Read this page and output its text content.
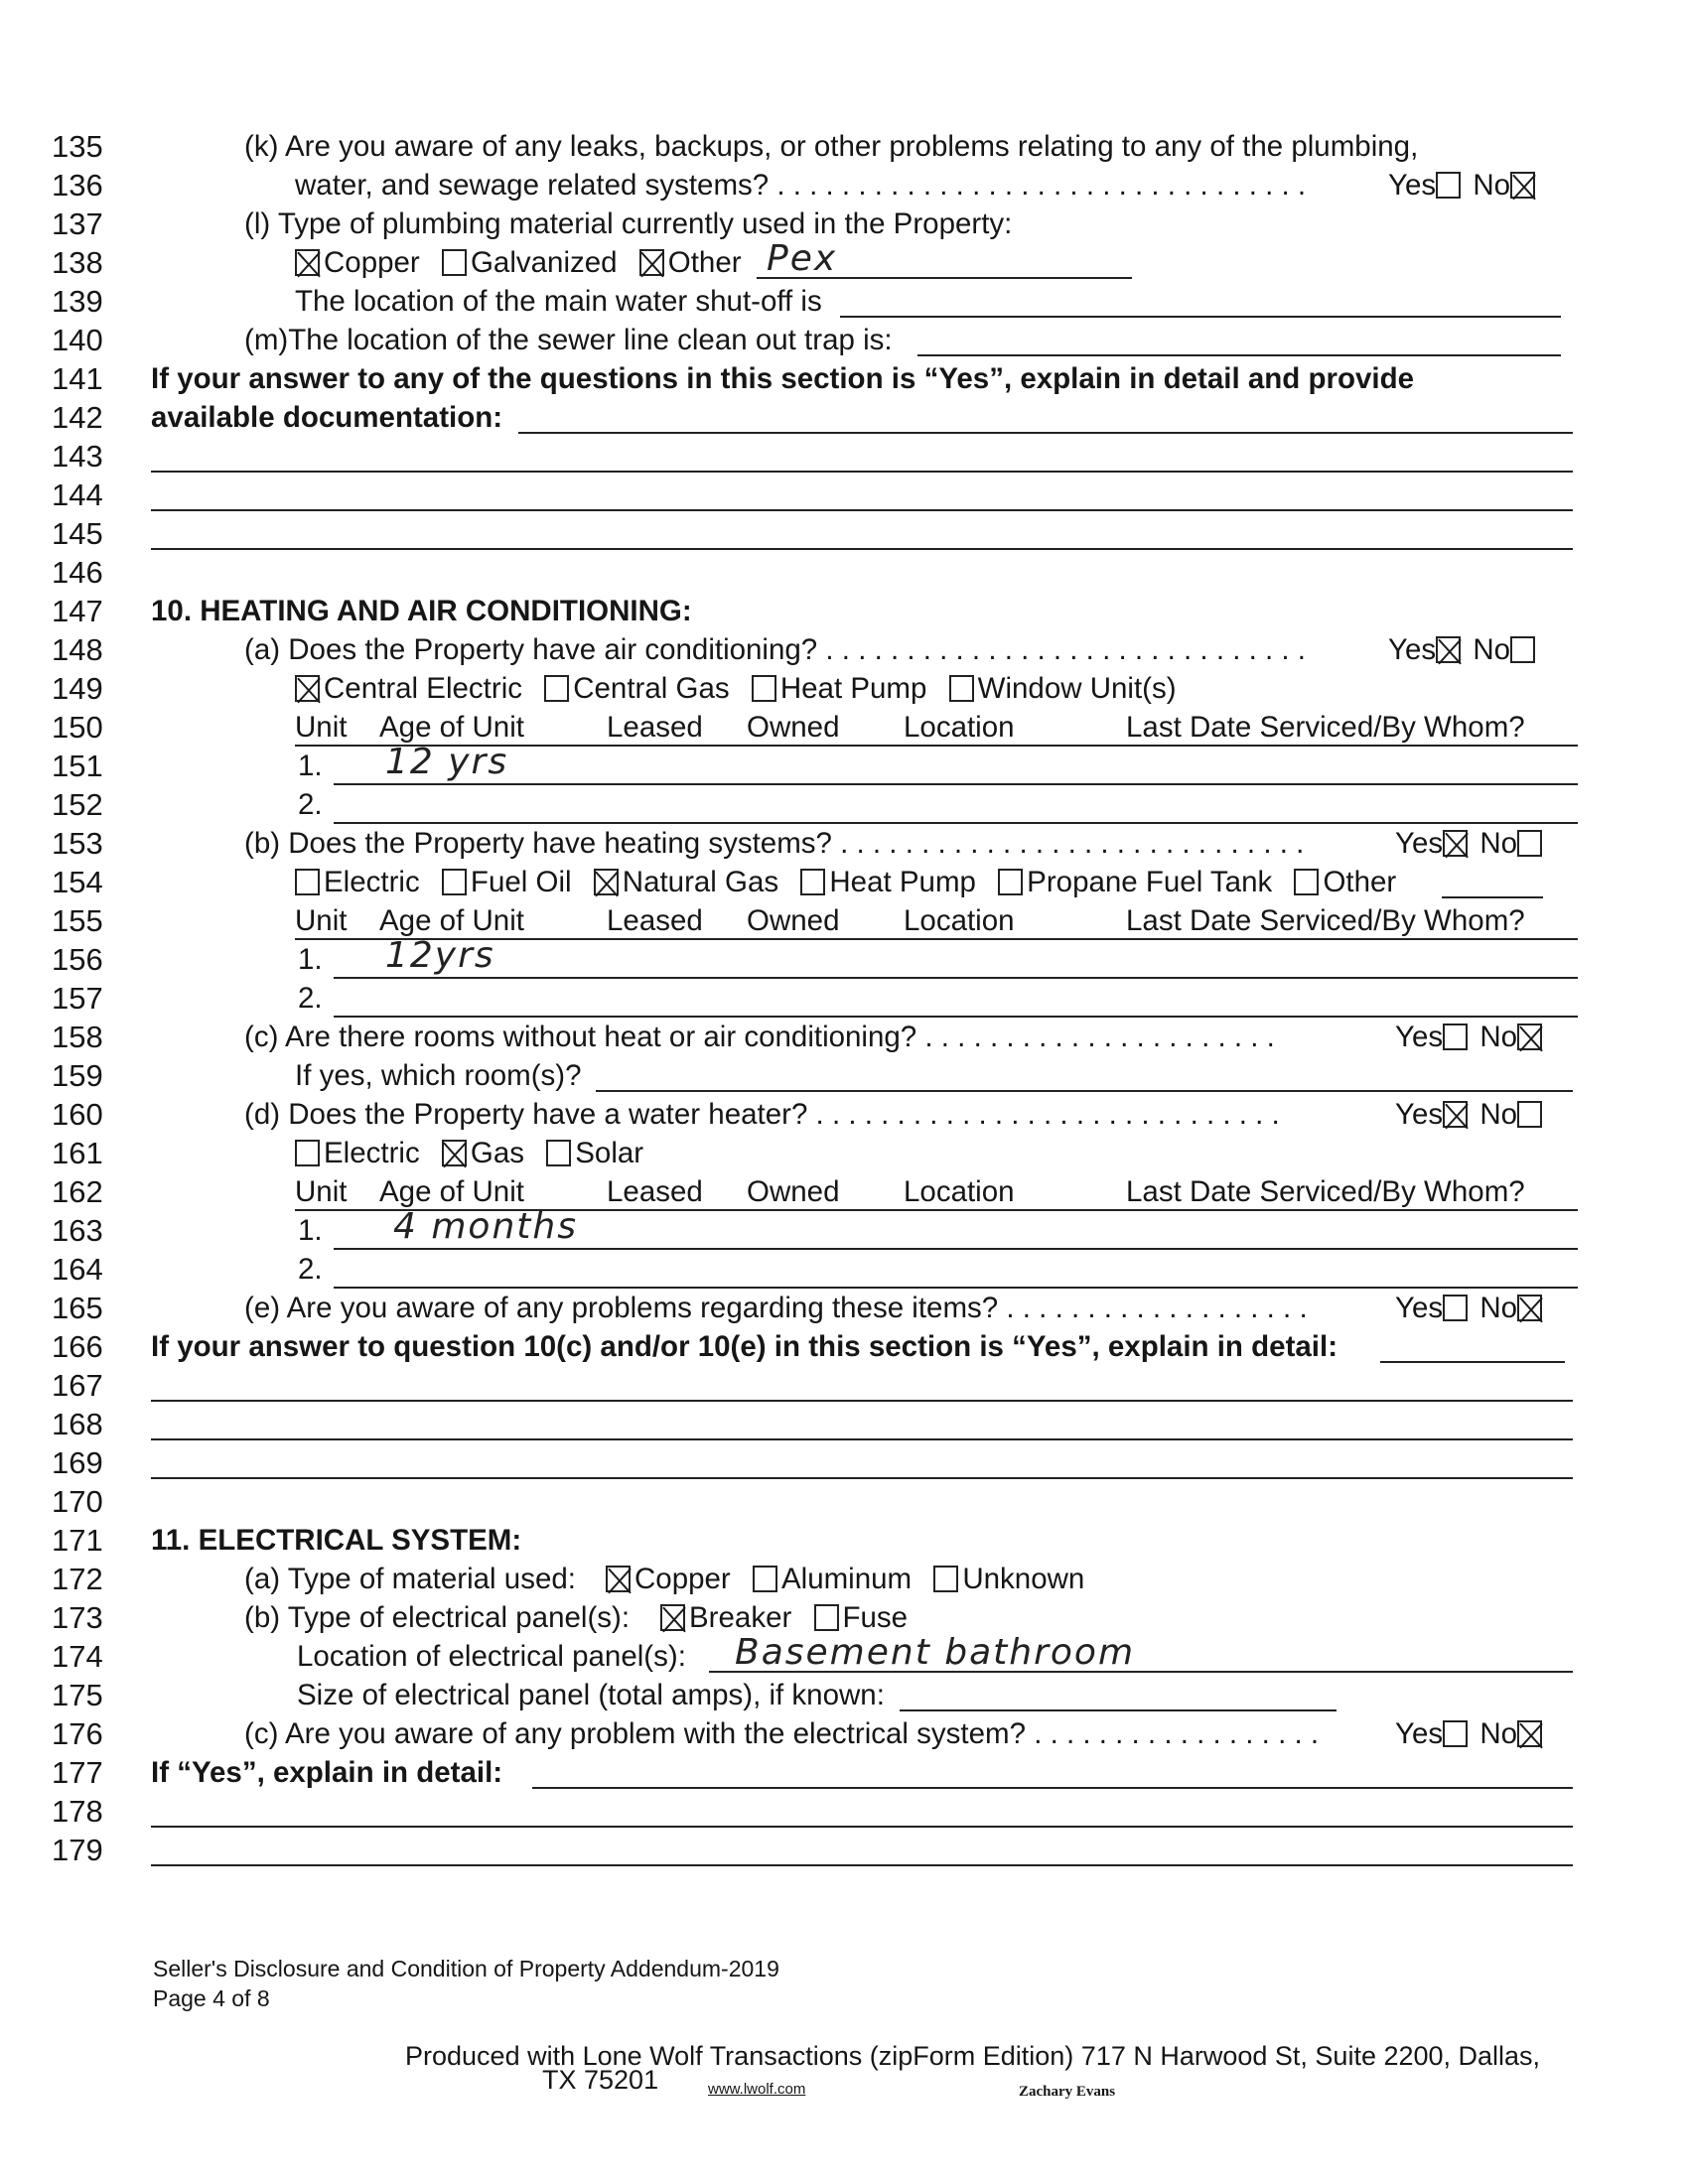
135	(k) Are you aware of any leaks, backups, or other problems relating to any of the plumbing,
136	water, and sewage related systems? . . . . . . . . . . . . . . . . . . . . . . . . . . . . . . . . .	Yes No
137	(l) Type of plumbing material currently used in the Property:
138	Copper Galvanized Other Pex
139	The location of the main water shut-off is
140	(m)The location of the sewer line clean out trap is:
141	If your answer to any of the questions in this section is “Yes”, explain in detail and provide
142	available documentation:
143
144
145
146
147	10. HEATING AND AIR CONDITIONING:
148	(a) Does the Property have air conditioning? . . . . . . . . . . . . . . . . . . . . . . . . . . . . . .	Yes No
149	Central Electric Central Gas Heat Pump Window Unit(s)
150	Unit Age of Unit	Leased Owned Location	Last Date Serviced/By Whom?
151	1. 12 yrs
152	2.
153	(b) Does the Property have heating systems? . . . . . . . . . . . . . . . . . . . . . . . . . . . . .	Yes No
154	Electric Fuel Oil Natural Gas Heat Pump Propane Fuel Tank Other
155	Unit Age of Unit	Leased Owned Location	Last Date Serviced/By Whom?
156	1. 12yrs
157	2.
158	(c) Are there rooms without heat or air conditioning? . . . . . . . . . . . . . . . . . . . . . .	Yes No
159	If yes, which room(s)?
160	(d) Does the Property have a water heater? . . . . . . . . . . . . . . . . . . . . . . . . . . . . .	Yes No
161	Electric Gas Solar
162	Unit Age of Unit	Leased Owned Location	Last Date Serviced/By Whom?
163	1. 4 months
164	2.
165	(e) Are you aware of any problems regarding these items? . . . . . . . . . . . . . . . . . . .	Yes No
166	If your answer to question 10(c) and/or 10(e) in this section is “Yes”, explain in detail:
167
168
169
170
171	11. ELECTRICAL SYSTEM:
172	(a) Type of material used:	Copper Aluminum Unknown
173	(b) Type of electrical panel(s):	Breaker Fuse
174	Location of electrical panel(s): Basement bathroom
175	Size of electrical panel (total amps), if known:
176	(c) Are you aware of any problem with the electrical system? . . . . . . . . . . . . . . . . . .	Yes No
177	If “Yes”, explain in detail:
178
179
Seller's Disclosure and Condition of Property Addendum-2019
Page 4 of 8
Produced with Lone Wolf Transactions (zipForm Edition) 717 N Harwood St, Suite 2200, Dallas,
TX 75201	www.lwolf.com	Zachary Evans
